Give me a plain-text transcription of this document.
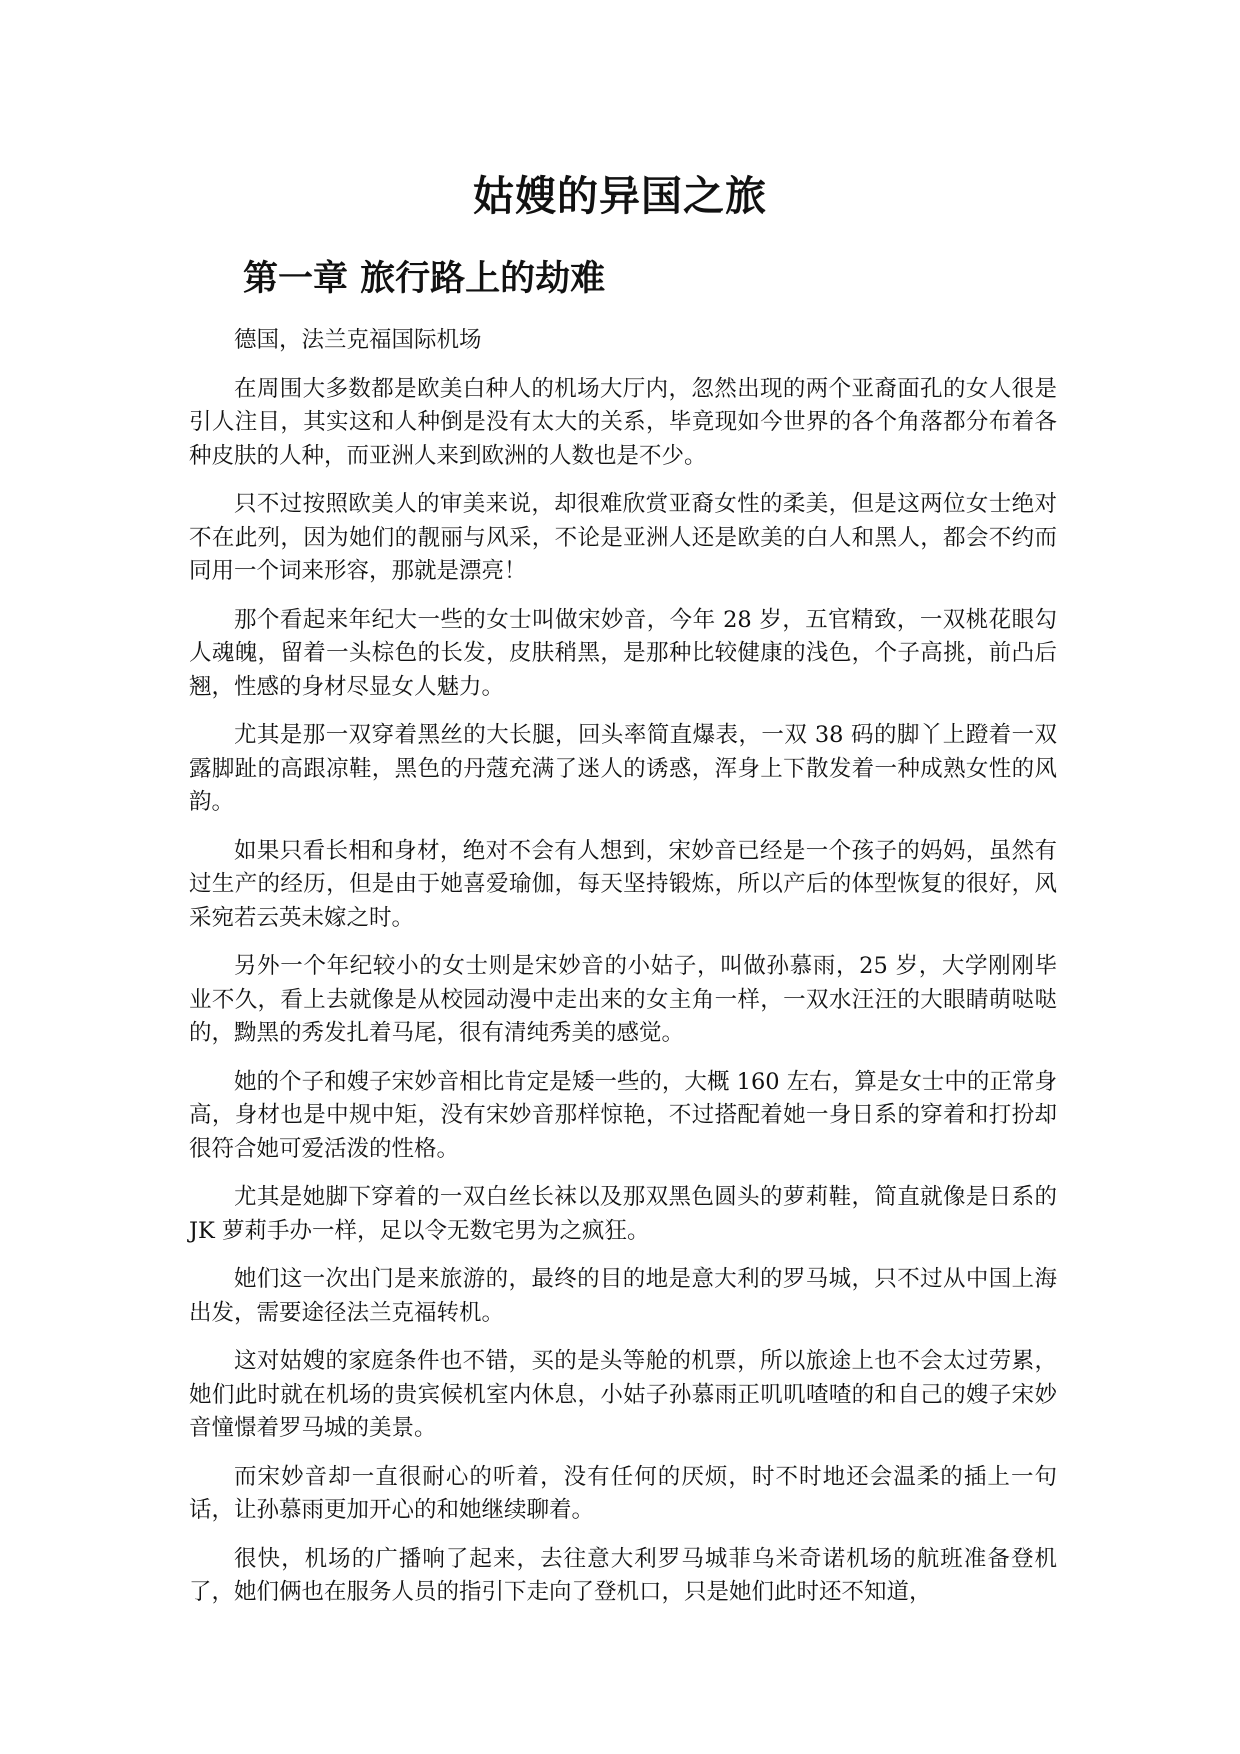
姑嫂的异国之旅
第一章 旅行路上的劫难

德国，法兰克福国际机场

在周围大多数都是欧美白种人的机场大厅内，忽然出现的两个亚裔面孔的女人很是引人注目，其实这和人种倒是没有太大的关系，毕竟现如今世界的各个角落都分布着各种皮肤的人种，而亚洲人来到欧洲的人数也是不少。

只不过按照欧美人的审美来说，却很难欣赏亚裔女性的柔美，但是这两位女士绝对不在此列，因为她们的靓丽与风采，不论是亚洲人还是欧美的白人和黑人，都会不约而同用一个词来形容，那就是漂亮！

那个看起来年纪大一些的女士叫做宋妙音，今年 28 岁，五官精致，一双桃花眼勾人魂魄，留着一头棕色的长发，皮肤稍黑，是那种比较健康的浅色，个子高挑，前凸后翘，性感的身材尽显女人魅力。

尤其是那一双穿着黑丝的大长腿，回头率简直爆表，一双 38 码的脚丫上蹬着一双露脚趾的高跟凉鞋，黑色的丹蔻充满了迷人的诱惑，浑身上下散发着一种成熟女性的风韵。

如果只看长相和身材，绝对不会有人想到，宋妙音已经是一个孩子的妈妈，虽然有过生产的经历，但是由于她喜爱瑜伽，每天坚持锻炼，所以产后的体型恢复的很好，风采宛若云英未嫁之时。

另外一个年纪较小的女士则是宋妙音的小姑子，叫做孙慕雨，25 岁，大学刚刚毕业不久，看上去就像是从校园动漫中走出来的女主角一样，一双水汪汪的大眼睛萌哒哒的，黝黑的秀发扎着马尾，很有清纯秀美的感觉。

她的个子和嫂子宋妙音相比肯定是矮一些的，大概 160 左右，算是女士中的正常身高，身材也是中规中矩，没有宋妙音那样惊艳，不过搭配着她一身日系的穿着和打扮却很符合她可爱活泼的性格。

尤其是她脚下穿着的一双白丝长袜以及那双黑色圆头的萝莉鞋，简直就像是日系的 JK 萝莉手办一样，足以令无数宅男为之疯狂。

她们这一次出门是来旅游的，最终的目的地是意大利的罗马城，只不过从中国上海出发，需要途径法兰克福转机。

这对姑嫂的家庭条件也不错，买的是头等舱的机票，所以旅途上也不会太过劳累，她们此时就在机场的贵宾候机室内休息，小姑子孙慕雨正叽叽喳喳的和自己的嫂子宋妙音憧憬着罗马城的美景。

而宋妙音却一直很耐心的听着，没有任何的厌烦，时不时地还会温柔的插上一句话，让孙慕雨更加开心的和她继续聊着。

很快，机场的广播响了起来，去往意大利罗马城菲乌米奇诺机场的航班准备登机了，她们俩也在服务人员的指引下走向了登机口，只是她们此时还不知道，
